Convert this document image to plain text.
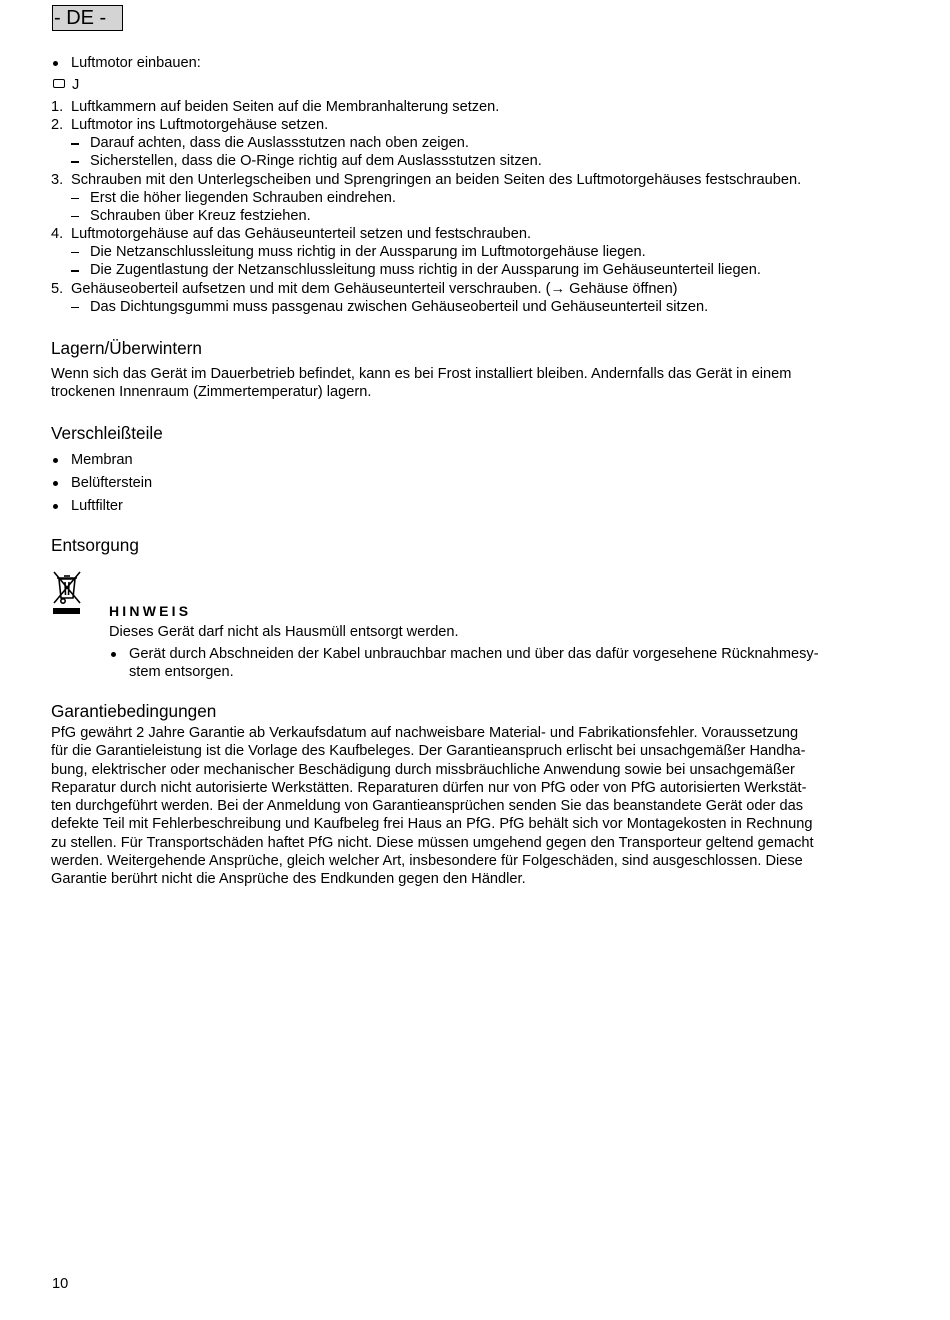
- DE -
Luftmotor einbauen:
J
1. Luftkammern auf beiden Seiten auf die Membranhalterung setzen.
2. Luftmotor ins Luftmotorgehäuse setzen.
Darauf achten, dass die Auslassstutzen nach oben zeigen.
Sicherstellen, dass die O-Ringe richtig auf dem Auslassstutzen sitzen.
3. Schrauben mit den Unterlegscheiben und Sprengringen an beiden Seiten des Luftmotorgehäuses festschrauben.
Erst die höher liegenden Schrauben eindrehen.
Schrauben über Kreuz festziehen.
4. Luftmotorgehäuse auf das Gehäuseunterteil setzen und festschrauben.
Die Netzanschlussleitung muss richtig in der Aussparung im Luftmotorgehäuse liegen.
Die Zugentlastung der Netzanschlussleitung muss richtig in der Aussparung im Gehäuseunterteil liegen.
5. Gehäuseoberteil aufsetzen und mit dem Gehäuseunterteil verschrauben. (→ Gehäuse öffnen)
Das Dichtungsgummi muss passgenau zwischen Gehäuseoberteil und Gehäuseunterteil sitzen.
Lagern/Überwintern
Wenn sich das Gerät im Dauerbetrieb befindet, kann es bei Frost installiert bleiben. Andernfalls das Gerät in einem
trockenen Innenraum (Zimmertemperatur) lagern.
Verschleißteile
Membran
Belüfterstein
Luftfilter
Entsorgung
HINWEIS
Dieses Gerät darf nicht als Hausmüll entsorgt werden.
Gerät durch Abschneiden der Kabel unbrauchbar machen und über das dafür vorgesehene Rücknahmesy-
stem entsorgen.
Garantiebedingungen
PfG gewährt 2 Jahre Garantie ab Verkaufsdatum auf nachweisbare Material- und Fabrikationsfehler. Voraussetzung
für die Garantieleistung ist die Vorlage des Kaufbeleges. Der Garantieanspruch erlischt bei unsachgemäßer Handha-
bung, elektrischer oder mechanischer Beschädigung durch missbräuchliche Anwendung sowie bei unsachgemäßer
Reparatur durch nicht autorisierte Werkstätten. Reparaturen dürfen nur von PfG oder von PfG autorisierten Werkstät-
ten durchgeführt werden. Bei der Anmeldung von Garantieansprüchen senden Sie das beanstandete Gerät oder das
defekte Teil mit Fehlerbeschreibung und Kaufbeleg frei Haus an PfG. PfG behält sich vor Montagekosten in Rechnung
zu stellen. Für Transportschäden haftet PfG nicht. Diese müssen umgehend gegen den Transporteur geltend gemacht
werden. Weitergehende Ansprüche, gleich welcher Art, insbesondere für Folgeschäden, sind ausgeschlossen. Diese
Garantie berührt nicht die Ansprüche des Endkunden gegen den Händler.
10
